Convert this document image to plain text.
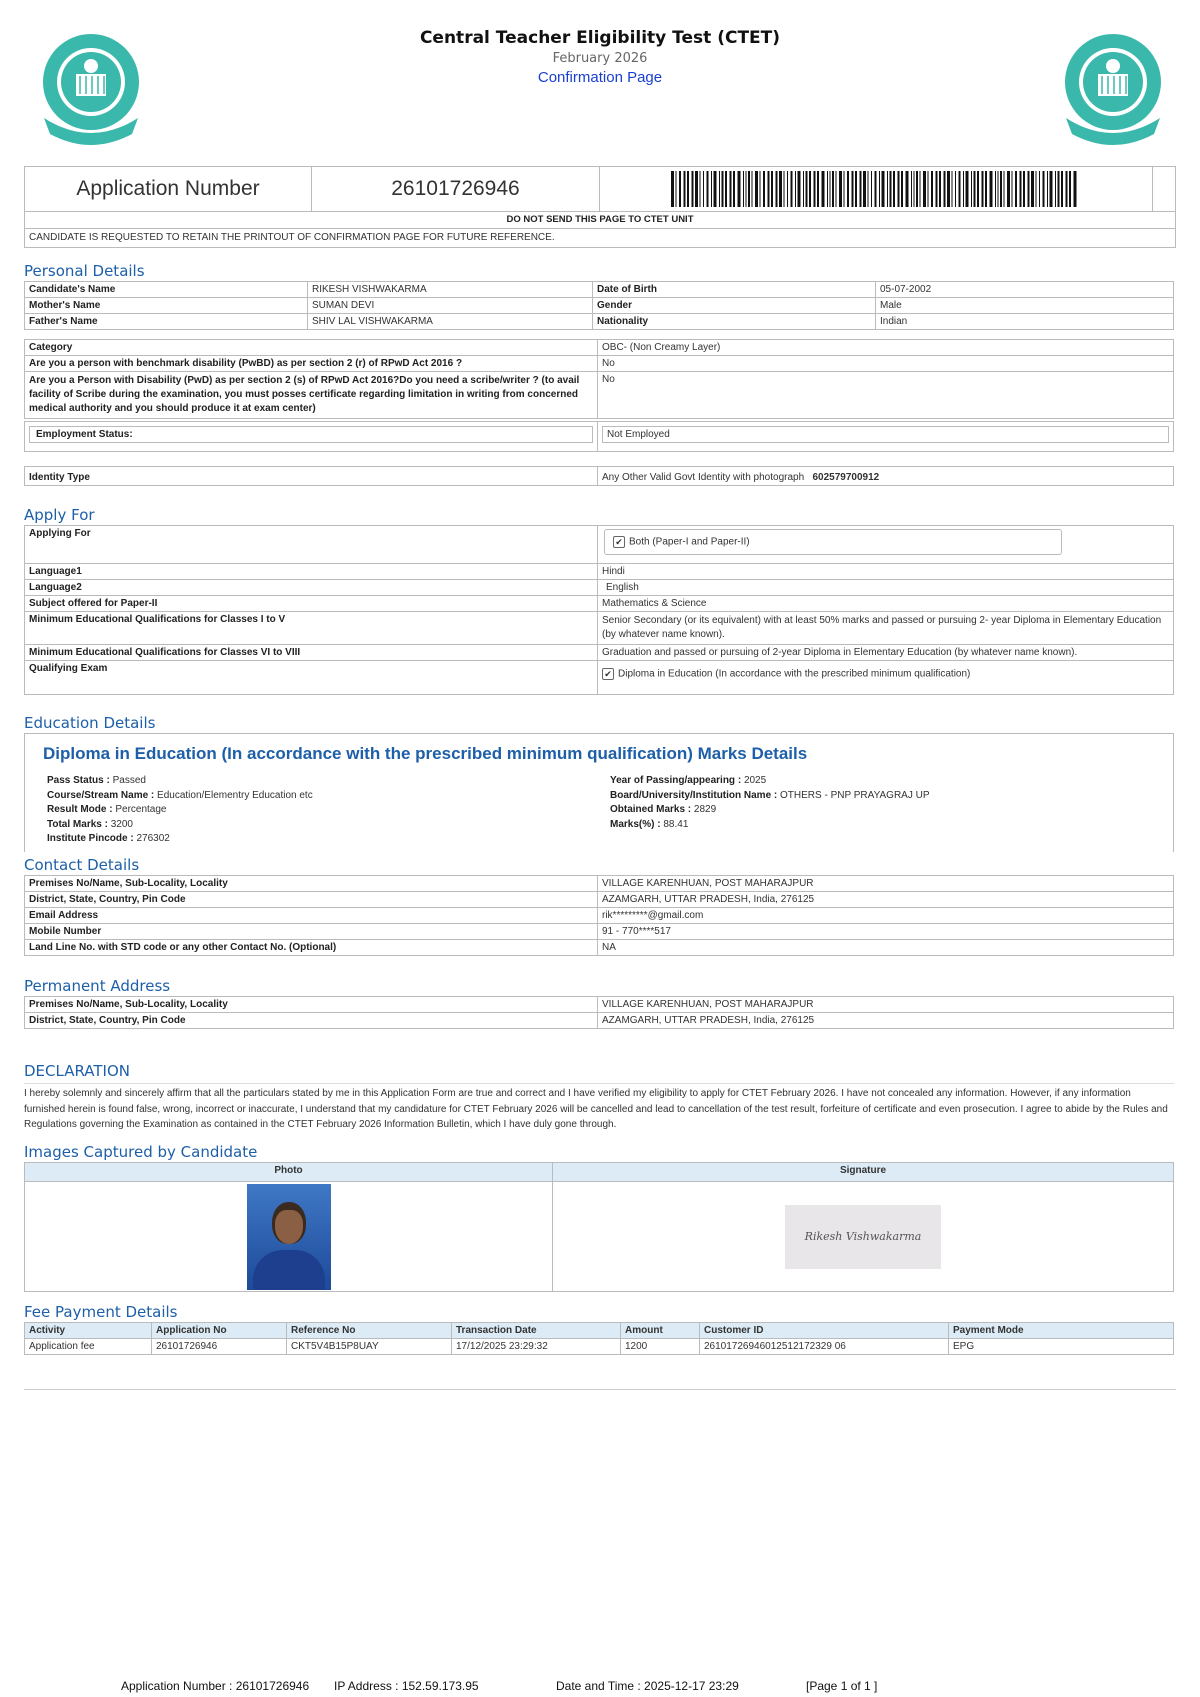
Central Teacher Eligibility Test (CTET)
February 2026
Confirmation Page
Application Number	26101726946
DO NOT SEND THIS PAGE TO CTET UNIT
CANDIDATE IS REQUESTED TO RETAIN THE PRINTOUT OF CONFIRMATION PAGE FOR FUTURE REFERENCE.
Personal Details
Candidate's Name	RIKESH VISHWAKARMA	Date of Birth	05-07-2002
Mother's Name	SUMAN DEVI	Gender	Male
Father's Name	SHIV LAL VISHWAKARMA	Nationality	Indian
Category	OBC- (Non Creamy Layer)
Are you a person with benchmark disability (PwBD) as per section 2 (r) of RPwD Act 2016 ?	No
Are you a Person with Disability (PwD) as per section 2 (s) of RPwD Act 2016?Do you need a scribe/writer ? (to avail facility of Scribe during the examination, you must posses certificate regarding limitation in writing from concerned medical authority and you should produce it at exam center)	No
Employment Status:	Not Employed
Identity Type	Any Other Valid Govt Identity with photograph 602579700912
Apply For
Applying For	✔ Both (Paper-I and Paper-II)

Language1	Hindi
Language2	English
Subject offered for Paper-II	Mathematics & Science
Minimum Educational Qualifications for Classes I to V	Senior Secondary (or its equivalent) with at least 50% marks and passed or pursuing 2- year Diploma in Elementary Education (by whatever name known).
Minimum Educational Qualifications for Classes VI to VIII	Graduation and passed or pursuing of 2-year Diploma in Elementary Education (by whatever name known).
Qualifying Exam	✔ Diploma in Education (In accordance with the prescribed minimum qualification)
Education Details
Diploma in Education (In accordance with the prescribed minimum qualification) Marks Details
Pass Status : Passed
Course/Stream Name : Education/Elementry Education etc
Result Mode : Percentage
Total Marks : 3200
Institute Pincode : 276302
Year of Passing/appearing : 2025
Board/University/Institution Name : OTHERS - PNP PRAYAGRAJ UP
Obtained Marks : 2829
Marks(%) : 88.41
Contact Details
Premises No/Name, Sub-Locality, Locality	VILLAGE KARENHUAN, POST MAHARAJPUR
District, State, Country, Pin Code	AZAMGARH, UTTAR PRADESH, India, 276125
Email Address	rik*********@gmail.com
Mobile Number	91 - 770****517
Land Line No. with STD code or any other Contact No. (Optional)	NA
Permanent Address
Premises No/Name, Sub-Locality, Locality	VILLAGE KARENHUAN, POST MAHARAJPUR
District, State, Country, Pin Code	AZAMGARH, UTTAR PRADESH, India, 276125
DECLARATION
I hereby solemnly and sincerely affirm that all the particulars stated by me in this Application Form are true and correct and I have verified my eligibility to apply for CTET February 2026. I have not concealed any information. However, if any information furnished herein is found false, wrong, incorrect or inaccurate, I understand that my candidature for CTET February 2026 will be cancelled and lead to cancellation of the test result, forfeiture of certificate and even prosecution. I agree to abide by the Rules and Regulations governing the Examination as contained in the CTET February 2026 Information Bulletin, which I have duly gone through.
Images Captured by Candidate
Photo	Signature

Rikesh Vishwakarma
Fee Payment Details
Activity	Application No	Reference No	Transaction Date	Amount	Customer ID	Payment Mode
Application fee	26101726946	CKT5V4B15P8UAY	17/12/2025 23:29:32	1200	26101726946012512172329 06	EPG
Application Number : 26101726946 IP Address : 152.59.173.95	Date and Time : 2025-12-17 23:29	[Page 1 of 1 ]
